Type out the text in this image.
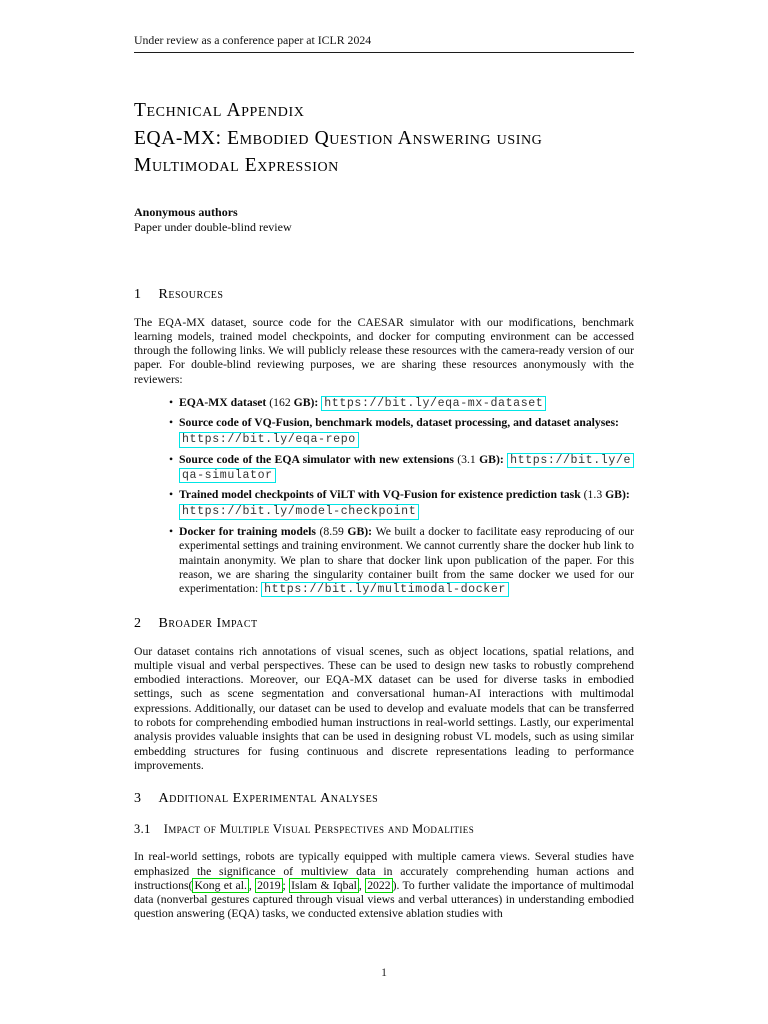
Under review as a conference paper at ICLR 2024
Technical Appendix
EQA-MX: Embodied Question Answering using
Multimodal Expression
Anonymous authors
Paper under double-blind review
1 Resources

The EQA-MX dataset, source code for the CAESAR simulator with our modifications, benchmark learning models, trained model checkpoints, and docker for computing environment can be accessed through the following links. We will publicly release these resources with the camera-ready version of our paper. For double-blind reviewing purposes, we are sharing these resources anonymously with the reviewers:

• EQA-MX dataset (162 GB): https://bit.ly/eqa-mx-dataset
• Source code of VQ-Fusion, benchmark models, dataset processing, and dataset analyses:
https://bit.ly/eqa-repo
• Source code of the EQA simulator with new extensions (3.1 GB): https://bit.ly/eqa-simulator
• Trained model checkpoints of ViLT with VQ-Fusion for existence prediction task (1.3 GB):
https://bit.ly/model-checkpoint
• Docker for training models (8.59 GB): We built a docker to facilitate easy reproducing of our experimental settings and training environment. We cannot currently share the docker hub link to maintain anonymity. We plan to share that docker link upon publication of the paper. For this reason, we are sharing the singularity container built from the same docker we used for our experimentation: https://bit.ly/multimodal-docker
2 Broader Impact

Our dataset contains rich annotations of visual scenes, such as object locations, spatial relations, and multiple visual and verbal perspectives. These can be used to design new tasks to robustly comprehend embodied interactions. Moreover, our EQA-MX dataset can be used for diverse tasks in embodied settings, such as scene segmentation and conversational human-AI interactions with multimodal expressions. Additionally, our dataset can be used to develop and evaluate models that can be transferred to robots for comprehending embodied human instructions in real-world settings. Lastly, our experimental analysis provides valuable insights that can be used in designing robust VL models, such as using similar embedding structures for fusing continuous and discrete representations leading to performance improvements.

3 Additional Experimental Analyses
3.1 Impact of Multiple Visual Perspectives and Modalities

In real-world settings, robots are typically equipped with multiple camera views. Several studies have emphasized the significance of multiview data in accurately comprehending human actions and instructions( Kong et al. , 2019 ; Islam & Iqbal , 2022 ). To further validate the importance of multimodal data (nonverbal gestures captured through visual views and verbal utterances) in understanding embodied question answering (EQA) tasks, we conducted extensive ablation studies with

1
